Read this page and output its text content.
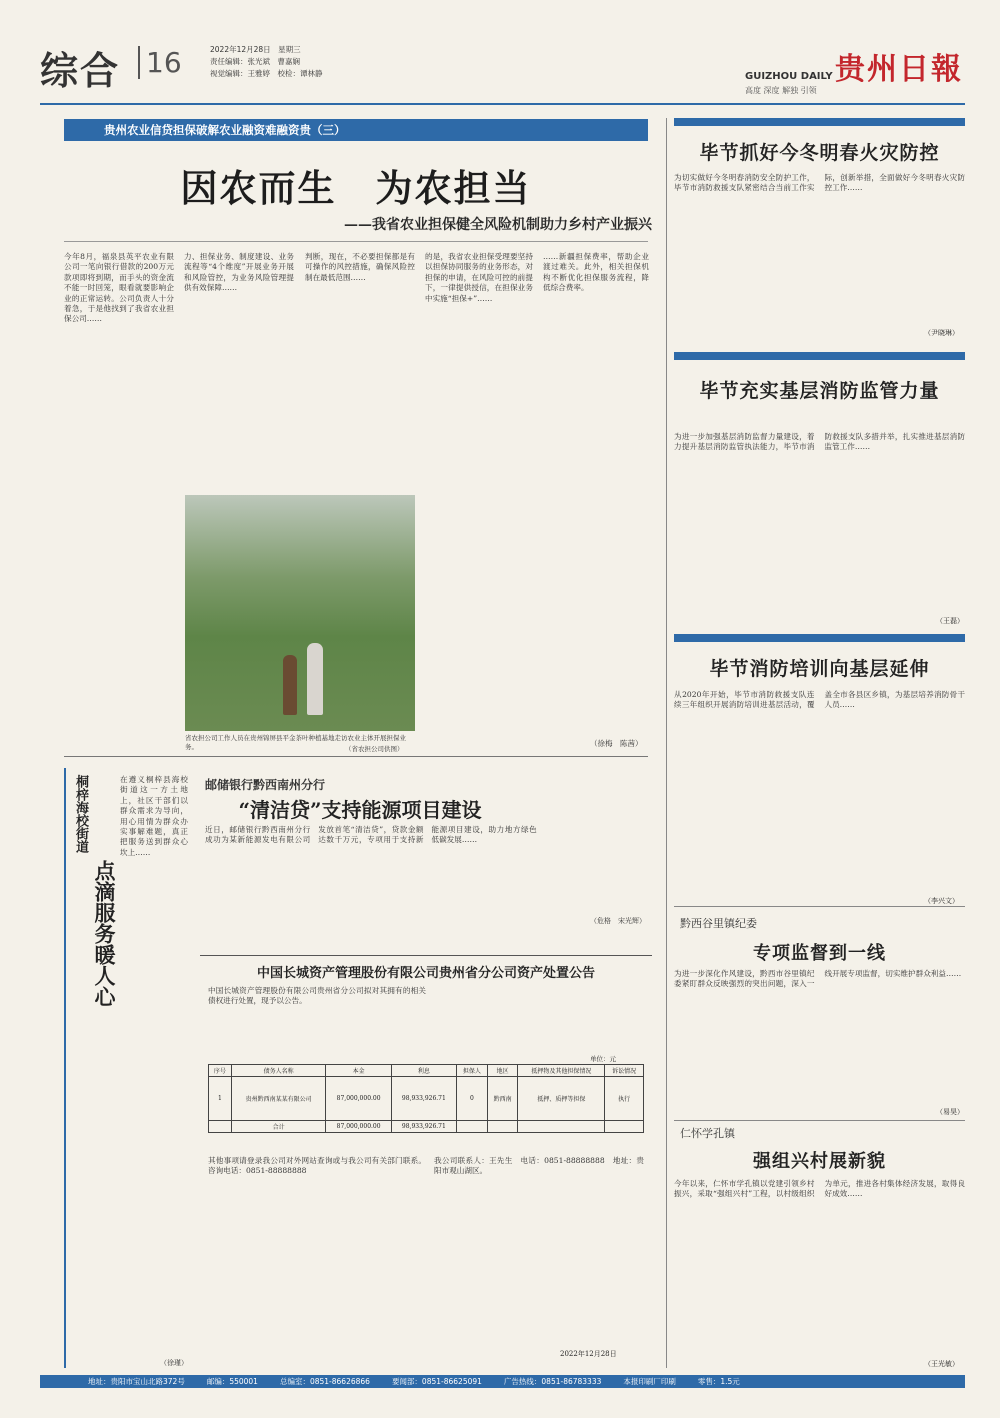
综合 16	2022年12月28日　星期三
责任编辑：张光斌　曹嘉娴
视觉编辑：王雅婷　校检：谭林静	GUIZHOU DAILY
高度 深度 解独 引领
贵州日報
贵州农业信贷担保破解农业融资难融资贵（三）
因农而生　为农担当
——我省农业担保健全风险机制助力乡村产业振兴
今年8月，福泉县英平农业有限公司一笔向银行借款的200万元款项即将到期，而手头的资金流不能一时回笼，眼看就要影响企业的正常运转。公司负责人十分着急，于是他找到了我省农业担保公司……
力、担保业务、制度建设、业务流程等“4个维度”开展业务开展和风险管控，为业务风险管理提供有效保障……
判断，现在，不必要担保都是有可操作的风控措施，确保风险控制在最低范围……
的是，我省农业担保受理要坚持以担保协同服务的业务形态，对担保的申请，在风险可控的前提下，一律提供授信，在担保业务中实施“担保+”……
……新疆担保费率，帮助企业渡过难关。此外，相关担保机构不断优化担保服务流程，降低综合费率。
省农担公司工作人员在贵州锦屏县平金茶叶种植基地走访农业主体开展担保业务。	（省农担公司供图）
（徐梅　陈茜）
桐梓海校街道
点滴服务暖人心
在遵义桐梓县海校街道这一方土地上，社区干部们以群众需求为导向，用心用情为群众办实事解难题，真正把服务送到群众心坎上……
（徐瑾）
邮储银行黔西南州分行
“清洁贷”支持能源项目建设
近日，邮储银行黔西南州分行成功为某新能源发电有限公司发放首笔“清洁贷”，贷款金额达数千万元，专项用于支持新能源项目建设，助力地方绿色低碳发展……
（危格　宋光辉）
中国长城资产管理股份有限公司贵州省分公司资产处置公告
中国长城资产管理股份有限公司贵州省分公司拟对其拥有的相关债权进行处置，现予以公告。
单位：元
序号	债务人名称	本金	利息	担保人	地区	抵押物及其他担保情况	诉讼情况
1	贵州黔西南某某有限公司	87,000,000.00	98,933,926.71	0	黔西南	抵押、质押等担保	执行
	合计	87,000,000.00	98,933,926.71				
其他事项请登录我公司对外网站查询或与我公司有关部门联系。咨询电话：0851-88888888
我公司联系人：王先生　电话：0851-88888888　地址：贵阳市观山湖区。
2022年12月28日
毕节抓好今冬明春火灾防控
为切实做好今冬明春消防安全防护工作，毕节市消防救援支队紧密结合当前工作实际，创新举措，全面做好今冬明春火灾防控工作……
（尹晓琳）
毕节充实基层消防监管力量
为进一步加强基层消防监督力量建设，着力提升基层消防监管执法能力，毕节市消防救援支队多措并举，扎实推进基层消防监管工作……
（王磊）
毕节消防培训向基层延伸
从2020年开始，毕节市消防救援支队连续三年组织开展消防培训进基层活动，覆盖全市各县区乡镇，为基层培养消防骨干人员……
（李兴文）
黔西谷里镇纪委
专项监督到一线
为进一步深化作风建设，黔西市谷里镇纪委紧盯群众反映强烈的突出问题，深入一线开展专项监督，切实维护群众利益……
（易昊）
仁怀学孔镇
强组兴村展新貌
今年以来，仁怀市学孔镇以党建引领乡村振兴，采取“强组兴村”工程，以村级组织为单元，推进各村集体经济发展，取得良好成效……
（王光敏）
地址：贵阳市宝山北路372号	邮编：550001	总编室：0851-86626866	要闻部：0851-86625091	广告热线：0851-86783333	本报印刷厂印刷	零售：1.5元
